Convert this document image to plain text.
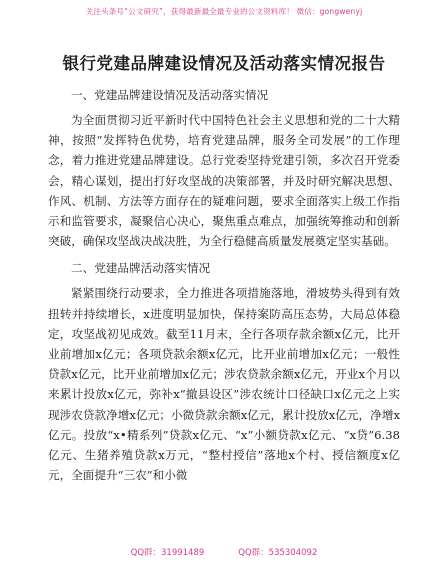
关注头条号“公文研究”，获得最新最全最专业的公文资料库！ 微信：gongwenyj
银行党建品牌建设情况及活动落实情况报告

一、党建品牌建设情况及活动落实情况

为全面贯彻习近平新时代中国特色社会主义思想和党的二十大精神，按照“发挥特色优势，培育党建品牌，服务全司发展”的工作理念，着力推进党建品牌建设。总行党委坚持党建引领，多次召开党委会，精心谋划，提出打好攻坚战的决策部署，并及时研究解决思想、作风、机制、方法等方面存在的疑难问题，要求全面落实上级工作指示和监管要求，凝聚信心决心，聚焦重点难点，加强统筹推动和创新突破，确保攻坚战决战决胜，为全行稳健高质量发展奠定坚实基础。

二、党建品牌活动落实情况

紧紧围绕行动要求，全力推进各项措施落地，滑坡势头得到有效扭转并持续增长，x进度明显加快，保持案防高压态势，大局总体稳定，攻坚战初见成效。截至11月末，全行各项存款余额x亿元，比开业前增加x亿元；各项贷款余额x亿元，比开业前增加x亿元；一般性贷款x亿元，比开业前增加x亿元；涉农贷款余额x亿元，开业x个月以来累计投放x亿元，弥补x“撤县设区”涉农统计口径缺口x亿元之上实现涉农贷款净增x亿元；小微贷款余额x亿元，累计投放x亿元，净增x亿元。投放“x•精系列”贷款x亿元、“x”小额贷款x亿元、“x贷”6.38亿元、生猪养殖贷款x万元，“整村授信”落地x个村、授信额度x亿元，全面提升“三农”和小微

QQ群：31991489	QQ群：535304092
